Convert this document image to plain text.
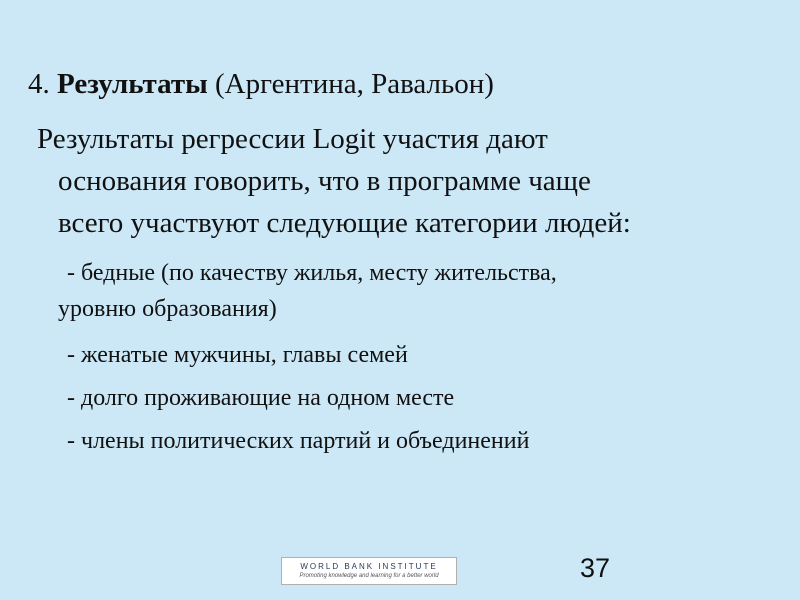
4. Результаты (Аргентина, Равальон)
Результаты регрессии Logit участия дают
основания говорить, что в программе чаще
всего участвуют следующие категории людей:
- бедные (по качеству жилья, месту жительства,
уровню образования)
- женатые мужчины, главы семей
- долго проживающие на одном месте
- члены политических партий и объединений
WORLD BANK INSTITUTE
Promoting knowledge and learning for a better world	37
